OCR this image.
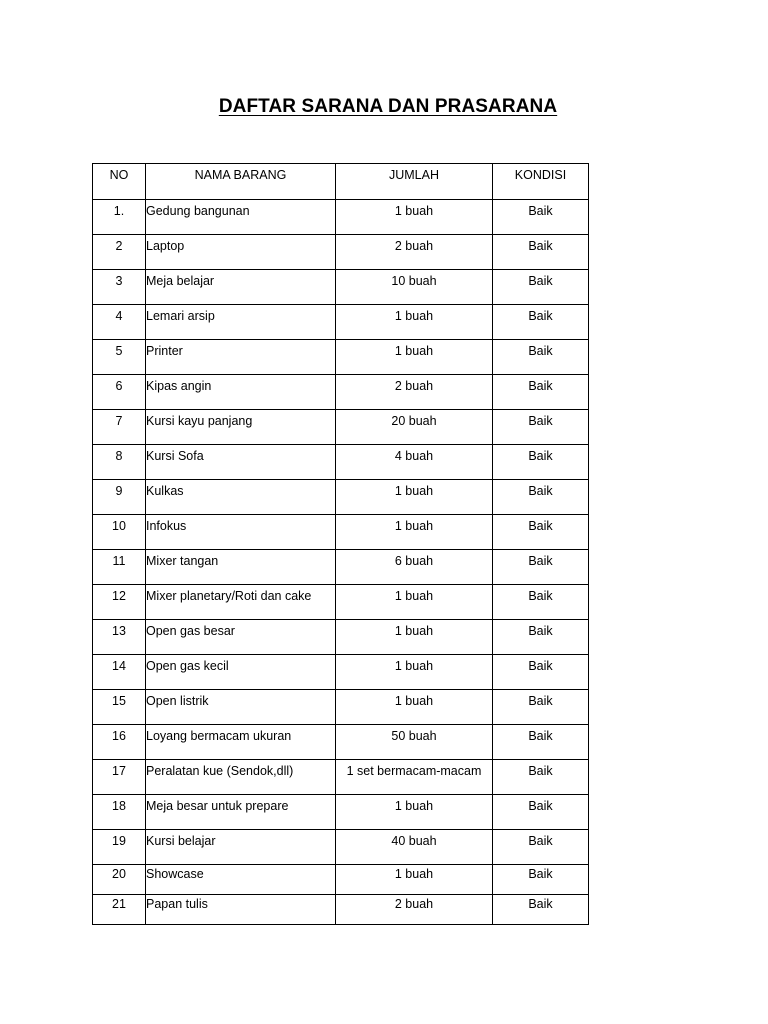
DAFTAR SARANA DAN PRASARANA
NO	NAMA BARANG	JUMLAH	KONDISI
1.	Gedung bangunan	1 buah	Baik
2	Laptop	2 buah	Baik
3	Meja belajar	10 buah	Baik
4	Lemari arsip	1 buah	Baik
5	Printer	1 buah	Baik
6	Kipas angin	2 buah	Baik
7	Kursi kayu panjang	20 buah	Baik
8	Kursi Sofa	4 buah	Baik
9	Kulkas	1 buah	Baik
10	Infokus	1 buah	Baik
11	Mixer tangan	6 buah	Baik
12	Mixer planetary/Roti dan cake	1 buah	Baik
13	Open gas besar	1 buah	Baik
14	Open gas kecil	1 buah	Baik
15	Open listrik	1 buah	Baik
16	Loyang bermacam ukuran	50 buah	Baik
17	Peralatan kue (Sendok,dll)	1 set bermacam-macam	Baik
18	Meja besar untuk prepare	1 buah	Baik
19	Kursi belajar	40 buah	Baik
20	Showcase	1 buah	Baik
21	Papan tulis	2 buah	Baik
